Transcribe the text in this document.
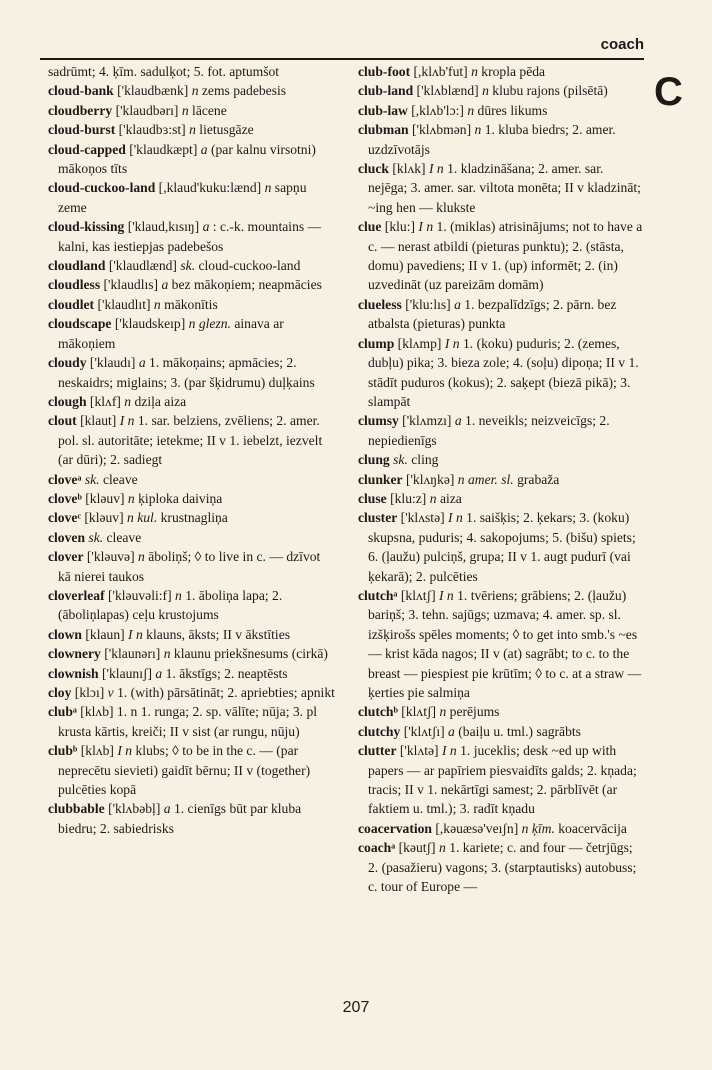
coach
C
sadrūmt; 4. ķīm. sadulķot; 5. fot. aptumšot
cloud-bank ['klaudbænk] n zems padebesis
cloudberry ['klaudbərı] n lācene
cloud-burst ['klaudbɜ:st] n lietusgāze
cloud-capped ['klaudkæpt] a (par kalnu virsotni) mākoņos tīts
cloud-cuckoo-land [,klaud'kuku:lænd] n sapņu zeme
cloud-kissing ['klaud,kısıŋ] a : c.-k. mountains — kalni, kas iestiepjas padebešos
cloudland ['klaudlænd] sk. cloud-cuckoo-land
cloudless ['klaudlıs] a bez mākoņiem; neapmācies
cloudlet ['klaudlıt] n mākonītis
cloudscape ['klaudskeıp] n glezn. ainava ar mākoņiem
cloudy ['klaudı] a 1. mākoņains; apmācies; 2. neskaidrs; miglains; 3. (par šķidrumu) duļķains
clough [klʌf] n dziļa aiza
clout [klaut] I n 1. sar. belziens, zvēliens; 2. amer. pol. sl. autoritāte; ietekme; II v 1. iebelzt, iezvelt (ar dūri); 2. sadiegt
cloveᵃ sk. cleave
cloveᵇ [kləuv] n ķiploka daiviņa
cloveᶜ [kləuv] n kul. krustnagliņa
cloven sk. cleave
clover ['kləuvə] n āboliņš; ◊ to live in c. — dzīvot kā nierei taukos
cloverleaf ['kləuvəli:f] n 1. āboliņa lapa; 2. (āboliņlapas) ceļu krustojums
clown [klaun] I n klauns, āksts; II v ākstīties
clownery ['klaunərı] n klaunu priekšnesums (cirkā)
clownish ['klaunıʃ] a 1. ākstīgs; 2. neaptēsts
cloy [klɔı] v 1. (with) pārsātināt; 2. apriebties; apnikt
clubᵃ [klʌb] 1. n 1. runga; 2. sp. vālīte; nūja; 3. pl krusta kārtis, kreiči; II v sist (ar rungu, nūju)
clubᵇ [klʌb] I n klubs; ◊ to be in the c. — (par neprecētu sievieti) gaidīt bērnu; II v (together) pulcēties kopā
clubbable ['klʌbəbļ] a 1. cienīgs būt par kluba biedru; 2. sabiedrisks
club-foot [,klʌb'fut] n kropla pēda
club-land ['klʌblænd] n klubu rajons (pilsētā)
club-law [,klʌb'lɔ:] n dūres likums
clubman ['klʌbmən] n 1. kluba biedrs; 2. amer. uzdzīvotājs
cluck [klʌk] I n 1. kladzināšana; 2. amer. sar. nejēga; 3. amer. sar. viltota monēta; II v kladzināt; ~ing hen — klukste
clue [klu:] I n 1. (miklas) atrisinājums; not to have a c. — nerast atbildi (pieturas punktu); 2. (stāsta, domu) pavediens; II v 1. (up) informēt; 2. (in) uzvedināt (uz pareizām domām)
clueless ['klu:lıs] a 1. bezpalīdzīgs; 2. pārn. bez atbalsta (pieturas) punkta
clump [klʌmp] I n 1. (koku) puduris; 2. (zemes, dubļu) pika; 3. bieza zole; 4. (soļu) dipoņa; II v 1. stādīt puduros (kokus); 2. saķept (biezā pikā); 3. slampāt
clumsy ['klʌmzı] a 1. neveikls; neizveicīgs; 2. nepiedienīgs
clung sk. cling
clunker ['klʌŋkə] n amer. sl. grabaža
cluse [klu:z] n aiza
cluster ['klʌstə] I n 1. saišķis; 2. ķekars; 3. (koku) skupsna, puduris; 4. sakopojums; 5. (bišu) spiets; 6. (ļaužu) pulciņš, grupa; II v 1. augt pudurī (vai ķekarā); 2. pulcēties
clutchᵃ [klʌtʃ] I n 1. tvēriens; grābiens; 2. (ļaužu) bariņš; 3. tehn. sajūgs; uzmava; 4. amer. sp. sl. izšķirošs spēles moments; ◊ to get into smb.'s ~es — krist kāda nagos; II v (at) sagrābt; to c. to the breast — piespiest pie krūtīm; ◊ to c. at a straw — ķerties pie salmiņa
clutchᵇ [klʌtʃ] n perējums
clutchy ['klʌtʃı] a (baiļu u. tml.) sagrābts
clutter ['klʌtə] I n 1. juceklis; desk ~ed up with papers — ar papīriem piesvaidīts galds; 2. kņada; tracis; II v 1. nekārtīgi samest; 2. pārblīvēt (ar faktiem u. tml.); 3. radīt kņadu
coacervation [,kəuæsə'veıʃn] n ķīm. koacervācija
coachᵃ [kəutʃ] n 1. kariete; c. and four — četrjūgs; 2. (pasažieru) vagons; 3. (starptautisks) autobuss; c. tour of Europe —
207
